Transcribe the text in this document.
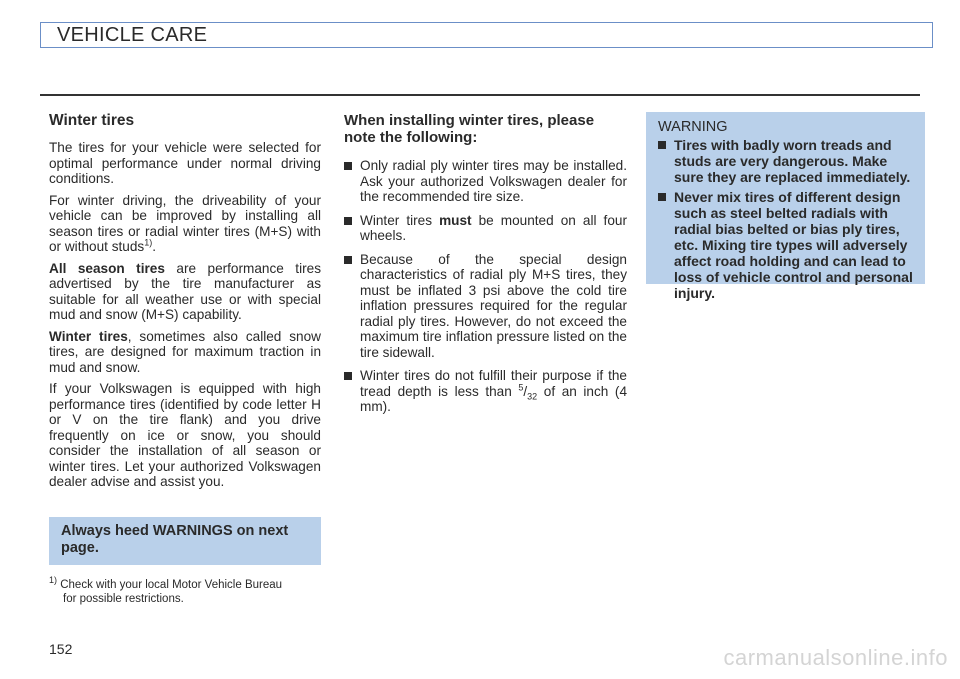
VEHICLE CARE
Winter tires

The tires for your vehicle were selected for optimal performance under normal driving conditions.

For winter driving, the driveability of your vehicle can be improved by installing all season tires or radial winter tires (M+S) with or without studs$^{1)}$.

All season tires are performance tires advertised by the tire manufacturer as suitable for all weather use or with special mud and snow (M+S) capability.

Winter tires, sometimes also called snow tires, are designed for maximum traction in mud and snow.

If your Volkswagen is equipped with high performance tires (identified by code letter H or V on the tire flank) and you drive frequently on ice or snow, you should consider the installation of all season or winter tires. Let your authorized Volkswagen dealer advise and assist you.

Always heed WARNINGS on next page.
$^{1)}$ Check with your local Motor Vehicle Bureau
for possible restrictions.
152
When installing winter tires, please note the following:
Only radial ply winter tires may be installed. Ask your authorized Volkswagen dealer for the recommended tire size.
Winter tires must be mounted on all four wheels.
Because of the special design characteristics of radial ply M+S tires, they must be inflated 3 psi above the cold tire inflation pressures required for the regular radial ply tires. However, do not exceed the maximum tire inflation pressure listed on the tire sidewall.
Winter tires do not fulfill their purpose if the tread depth is less than $^5/_{32}$ of an inch (4 mm).
WARNING
Tires with badly worn treads and studs are very dangerous. Make sure they are replaced immediately.
Never mix tires of different design such as steel belted radials with radial bias belted or bias ply tires, etc. Mixing tire types will adversely affect road holding and can lead to loss of vehicle control and personal injury.
carmanualsonline.info
